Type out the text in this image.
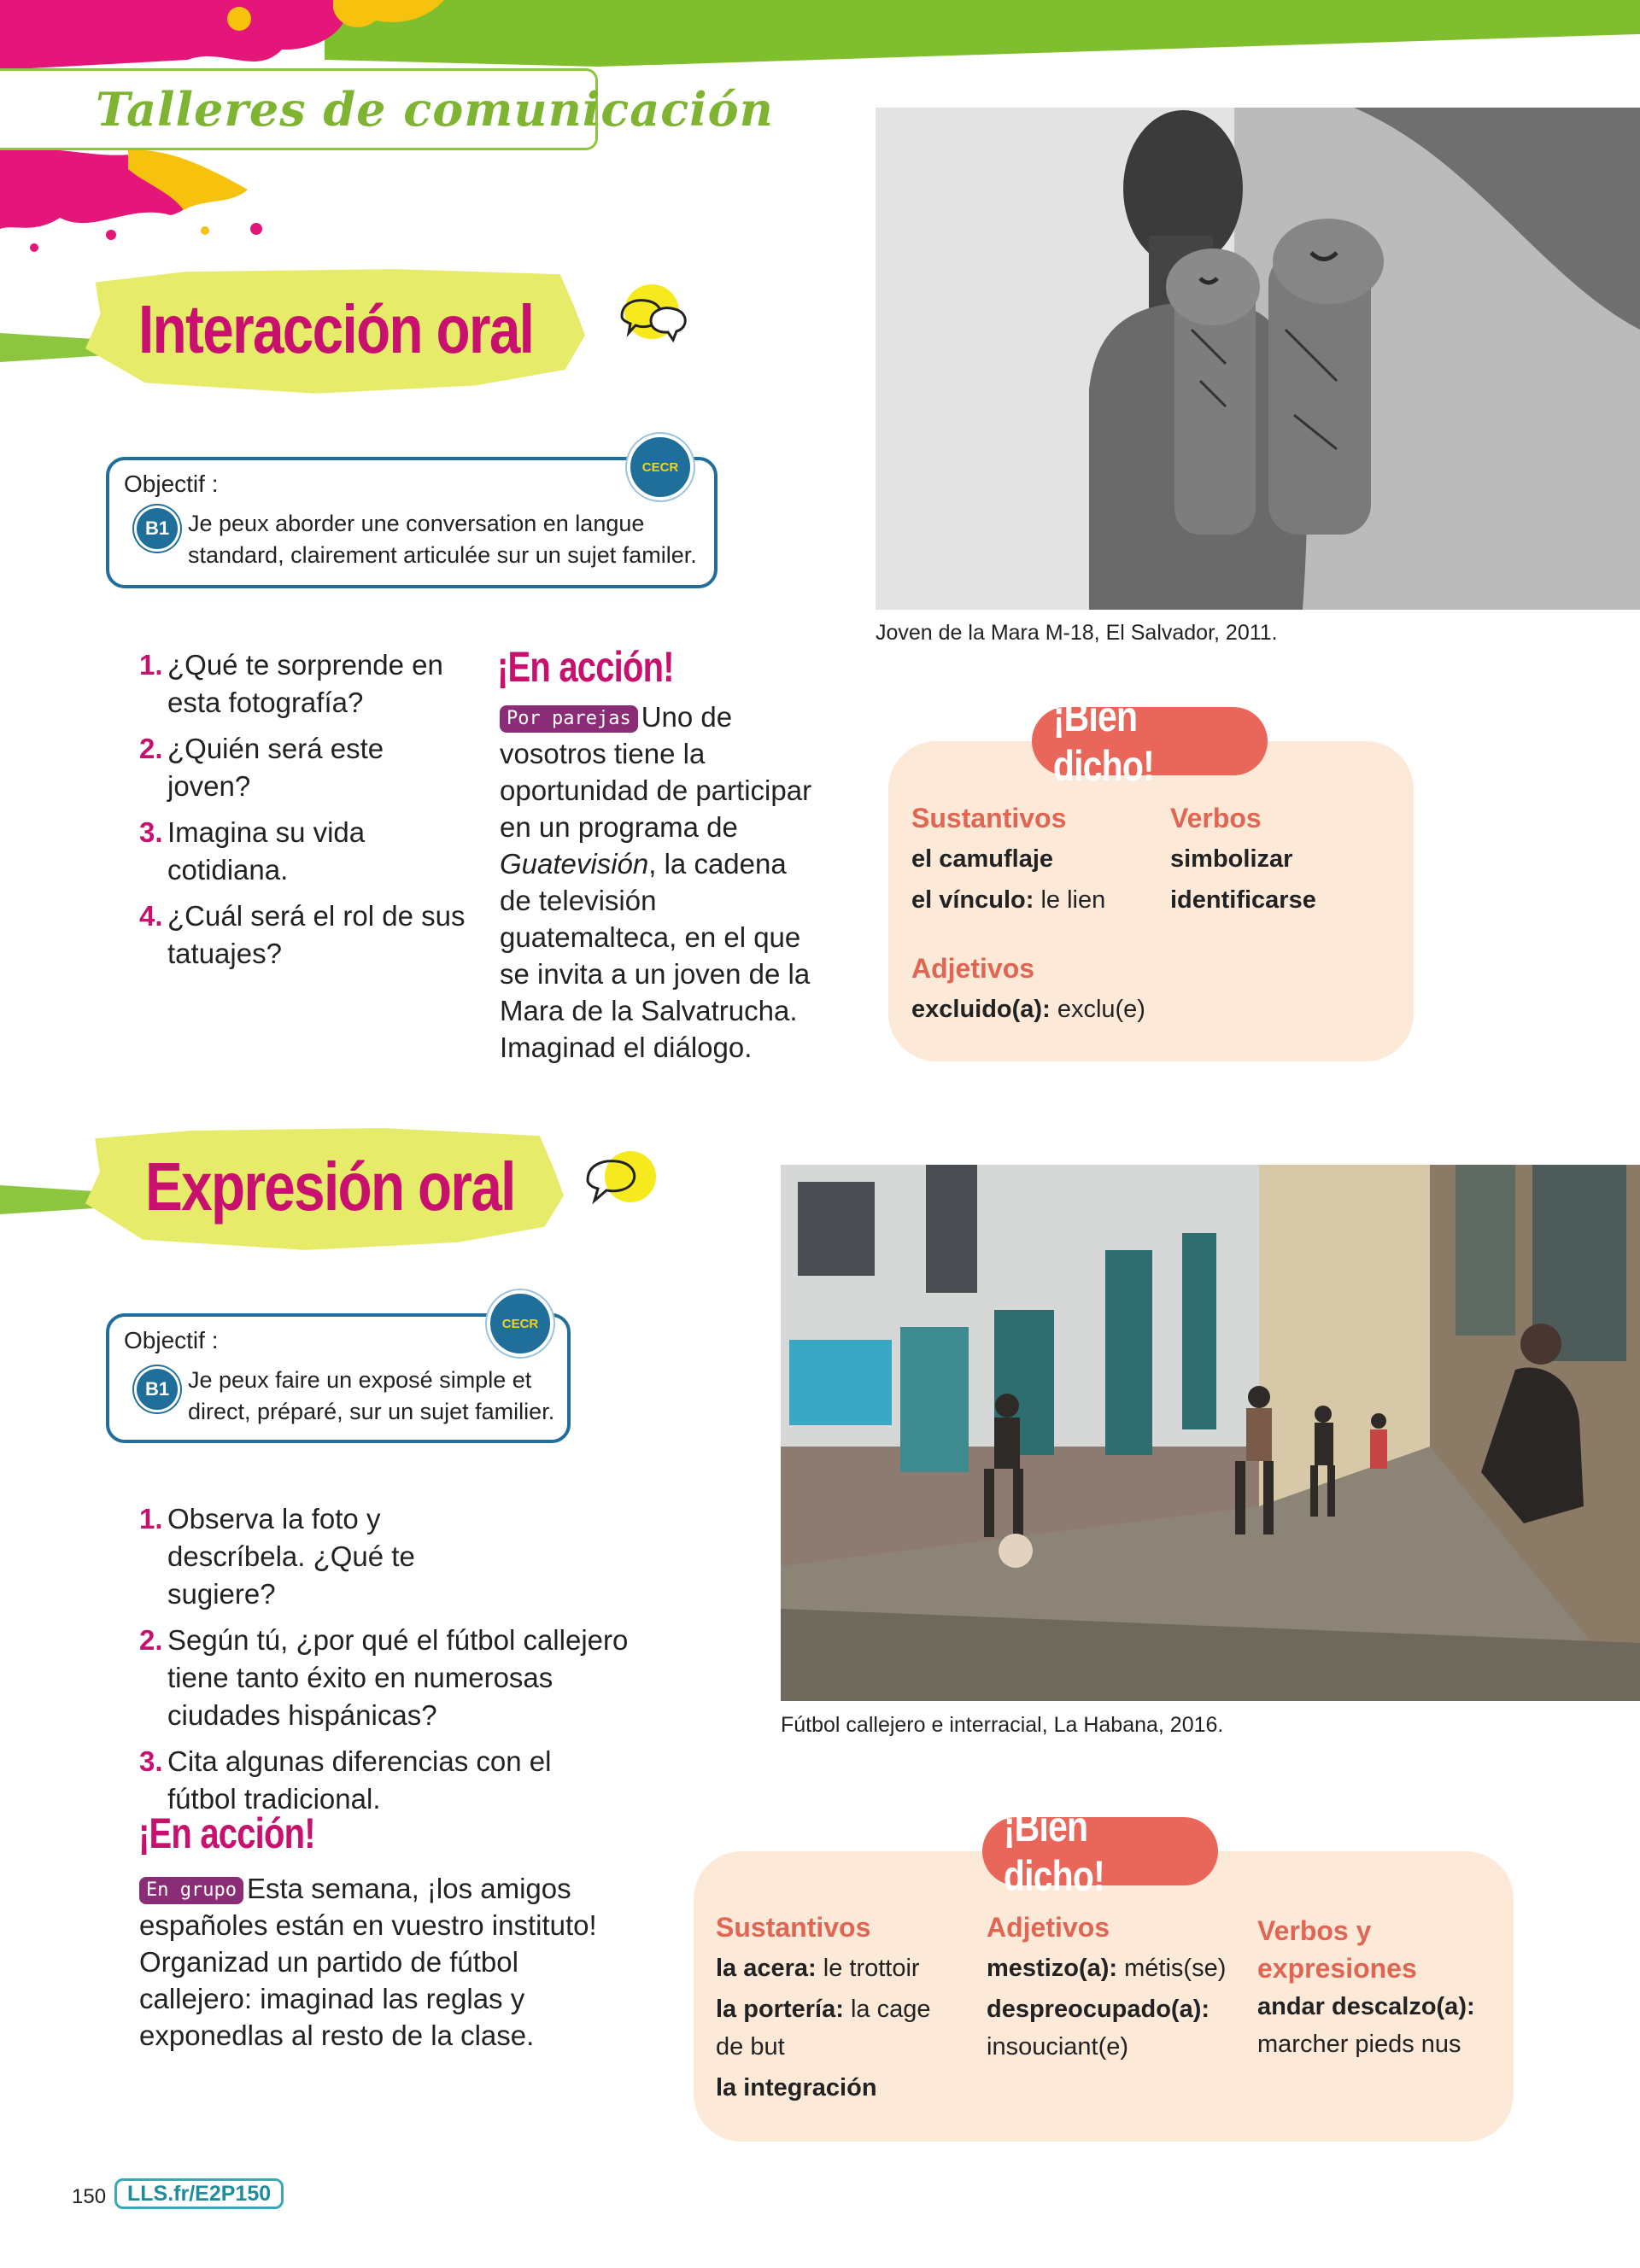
Talleres de comunicación
Interacción oral
Objectif :
B1 Je peux aborder une conversation en langue
standard, clairement articulée sur un sujet familer.
CECR
1. ¿Qué te sorprende en esta fotografía?
2. ¿Quién será este joven?
3. Imagina su vida cotidiana.
4. ¿Cuál será el rol de sus tatuajes?
¡En acción!
Por parejas Uno de vosotros tiene la oportunidad de participar en un programa de Guatevisión, la cadena de televisión guatemalteca, en el que se invita a un joven de la Mara de la Salvatrucha. Imaginad el diálogo.
Joven de la Mara M-18, El Salvador, 2011.
¡Bien dicho!
Sustantivos
el camuflaje
el vínculo: le lien
Verbos
simbolizar
identificarse
Adjetivos
excluido(a): exclu(e)
Expresión oral
Objectif :
B1 Je peux faire un exposé simple et
direct, préparé, sur un sujet familier.
CECR
1. Observa la foto y descríbela. ¿Qué te sugiere?
2. Según tú, ¿por qué el fútbol callejero tiene tanto éxito en numerosas ciudades hispánicas?
3. Cita algunas diferencias con el fútbol tradicional.
¡En acción!
En grupo Esta semana, ¡los amigos españoles están en vuestro instituto! Organizad un partido de fútbol callejero: imaginad las reglas y exponedlas al resto de la clase.
Fútbol callejero e interracial, La Habana, 2016.
¡Bien dicho!
Sustantivos
la acera: le trottoir
la portería: la cage de but
la integración
Adjetivos
mestizo(a): métis(se)
despreocupado(a):
insouciant(e)
Verbos y expresiones
andar descalzo(a):
marcher pieds nus
150 LLS.fr/E2P150
